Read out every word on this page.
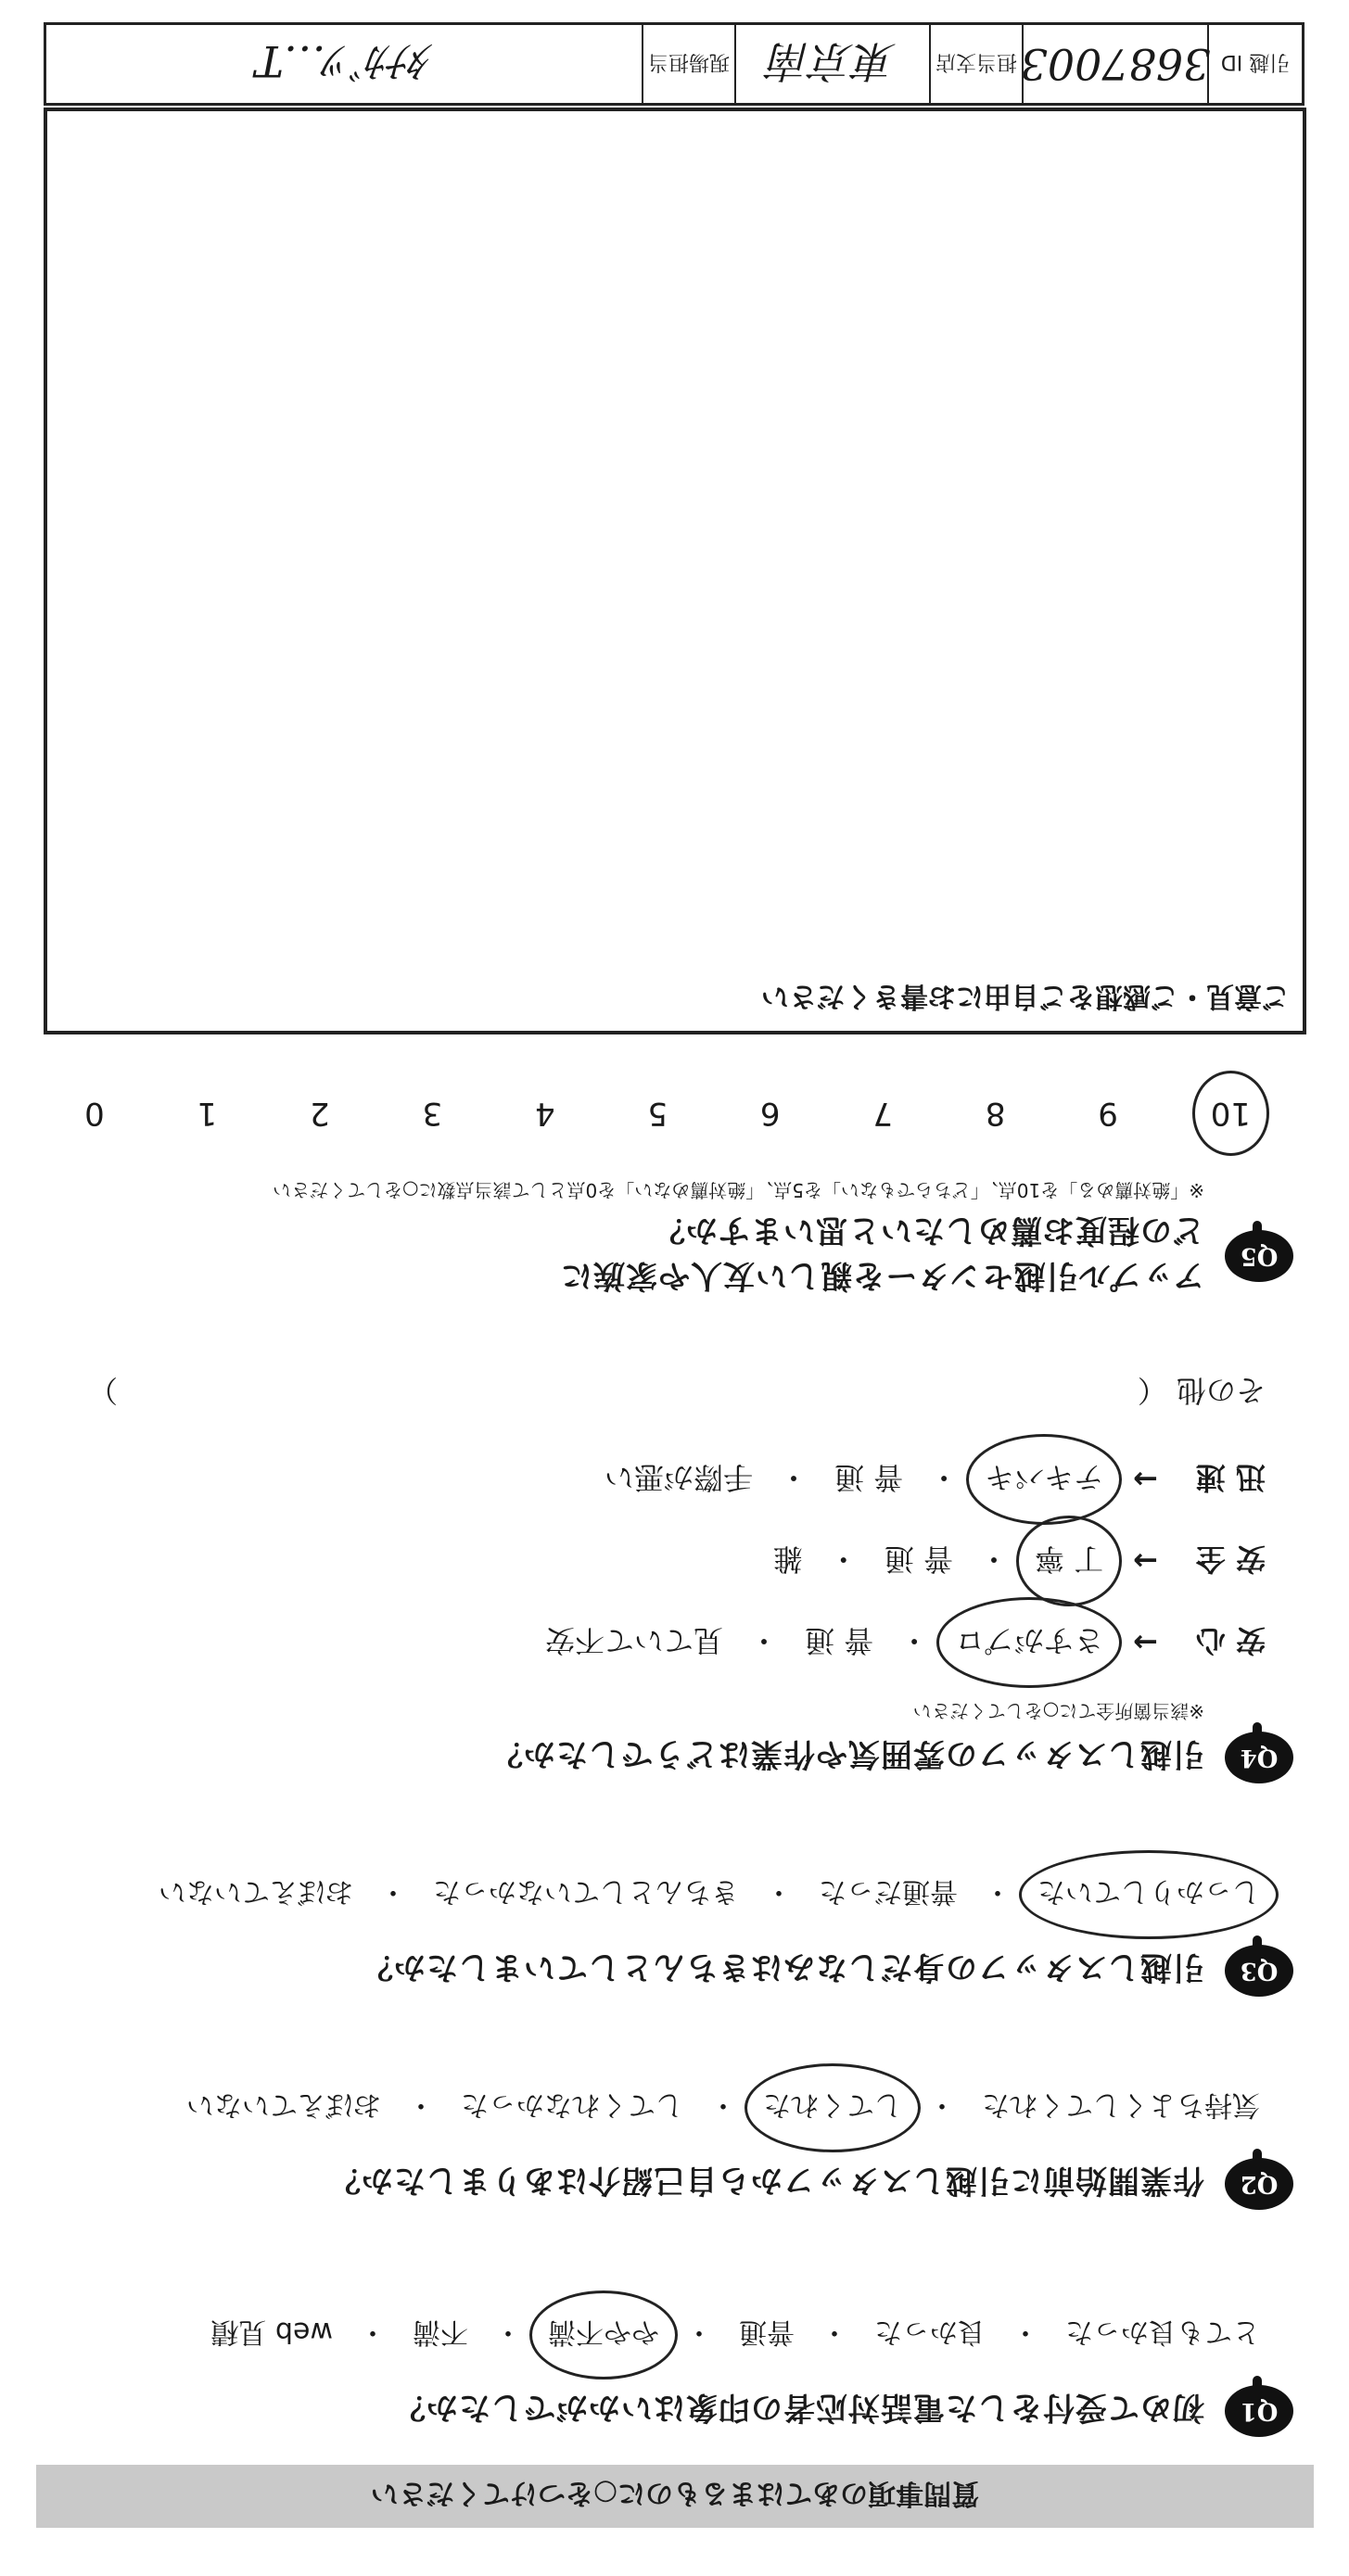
引越 ID
3687003
担当支店
東京南
現場担当
ﾀﾅｶﾞﾂ…T
質問事項のあてはまるものに○をつけてください
Q1
初めて受付をした電話対応者の印象はいかがでしたか？
とても良かった
・
良かった
・
普通
・
やや不満
・
不満
・
web 見積
Q2
作業開始前に引越しスタッフから自己紹介はありましたか？
気持ちよくしてくれた
・
してくれた
・
してくれなかった
・
おぼえていない
Q3
引越しスタッフの身だしなみはきちんとしていましたか？
しっかりしていた
・
普通だった
・
きちんとしていなかった
・
おぼえていない
Q4
引越しスタッフの雰囲気や作業はどうでしたか？
※該当箇所全てに○をしてください
安 心
→
さすがプロ
・
普 通
・
見ていて不安
安 全
→
丁 寧
・
普 通
・
雑
迅 速
→
テキパキ
・
普 通
・
手際が悪い
その他 （
）
Q5
アップル引越センターを親しい友人や家族に
どの程度お薦めしたいと思いますか？
※「絶対薦める」を10点、「どちらでもない」を5点、「絶対薦めない」を0点として該当点数に○をしてください
10
9
8
7
6
5
4
3
2
1
0
ご意見・ご感想をご自由にお書きください
